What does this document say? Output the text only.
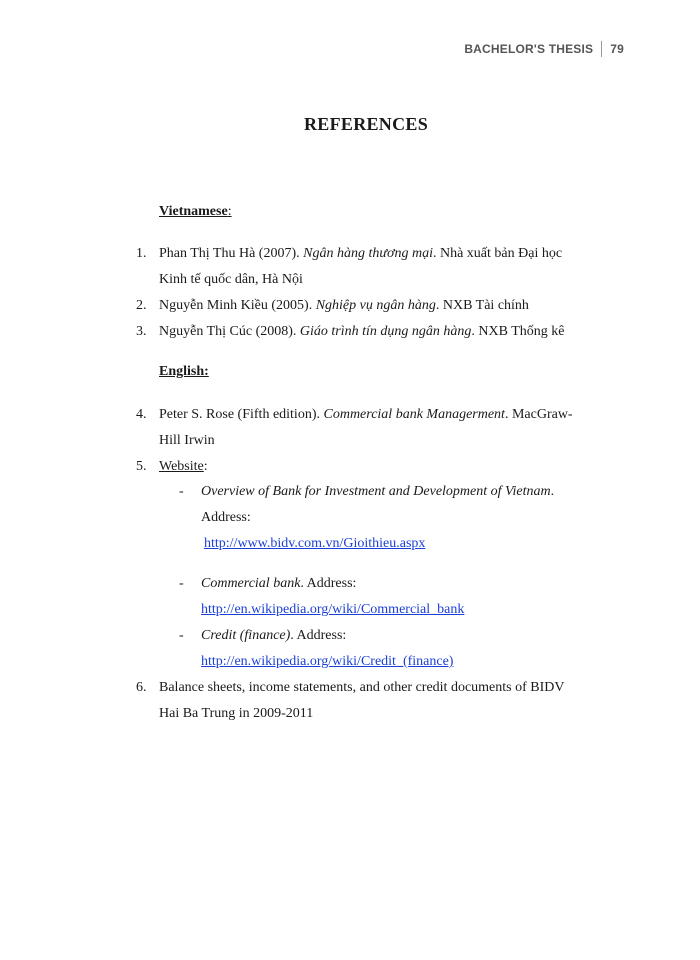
BACHELOR'S THESIS 79
REFERENCES
Vietnamese:
1. Phan Thị Thu Hà (2007). Ngân hàng thương mại. Nhà xuất bản Đại học
Kinh tế quốc dân, Hà Nội
2. Nguyễn Minh Kiều (2005). Nghiệp vụ ngân hàng. NXB Tài chính
3. Nguyễn Thị Cúc (2008). Giáo trình tín dụng ngân hàng. NXB Thống kê
English:
4. Peter S. Rose (Fifth edition). Commercial bank Managerment. MacGraw-
Hill Irwin
5. Website:
- Overview of Bank for Investment and Development of Vietnam.
Address:
http://www.bidv.com.vn/Gioithieu.aspx
- Commercial bank. Address:
http://en.wikipedia.org/wiki/Commercial_bank
- Credit (finance). Address:
http://en.wikipedia.org/wiki/Credit_(finance)
6. Balance sheets, income statements, and other credit documents of BIDV
Hai Ba Trung in 2009-2011
